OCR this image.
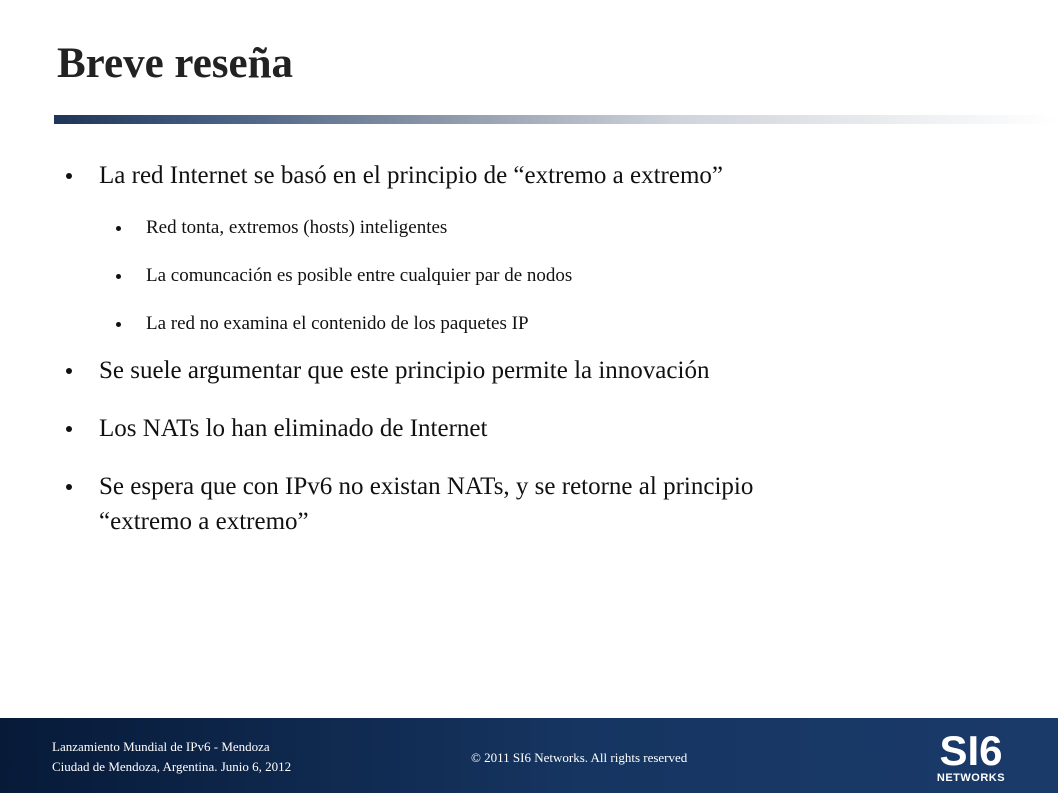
Breve reseña
La red Internet se basó en el principio de “extremo a extremo”
Red tonta, extremos (hosts) inteligentes
La comuncación es posible entre cualquier par de nodos
La red no examina el contenido de los paquetes IP
Se suele argumentar que este principio permite la innovación
Los NATs lo han eliminado de Internet
Se espera que con IPv6 no existan NATs, y se retorne al principio
“extremo a extremo”
Lanzamiento Mundial de IPv6 - Mendoza
Ciudad de Mendoza, Argentina. Junio 6, 2012
© 2011 SI6 Networks. All rights reserved	SI6
NETWORKS
